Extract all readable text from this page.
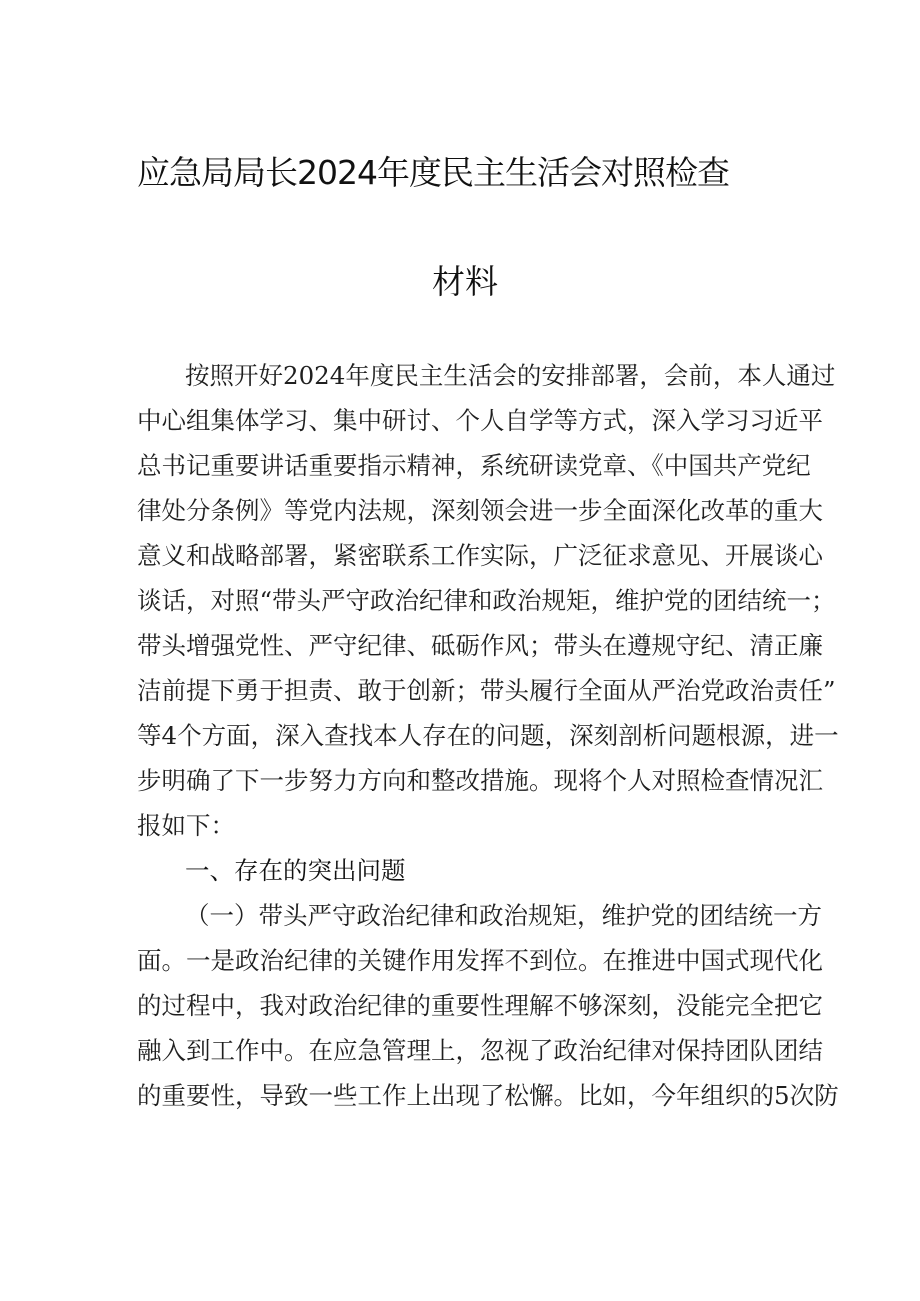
应急局局长2024年度民主生活会对照检查
材料
按照开好2024年度民主生活会的安排部署，会前，本人通过
中心组集体学习、集中研讨、个人自学等方式，深入学习习近平
总书记重要讲话重要指示精神，系统研读党章、《中国共产党纪
律处分条例》等党内法规，深刻领会进一步全面深化改革的重大
意义和战略部署，紧密联系工作实际，广泛征求意见、开展谈心
谈话，对照“带头严守政治纪律和政治规矩，维护党的团结统一；
带头增强党性、严守纪律、砥砺作风；带头在遵规守纪、清正廉
洁前提下勇于担责、敢于创新；带头履行全面从严治党政治责任”
等4个方面，深入查找本人存在的问题，深刻剖析问题根源，进一
步明确了下一步努力方向和整改措施。现将个人对照检查情况汇
报如下：
一、存在的突出问题
（一）带头严守政治纪律和政治规矩，维护党的团结统一方
面。一是政治纪律的关键作用发挥不到位。在推进中国式现代化
的过程中，我对政治纪律的重要性理解不够深刻，没能完全把它
融入到工作中。在应急管理上，忽视了政治纪律对保持团队团结
的重要性，导致一些工作上出现了松懈。比如，今年组织的5次防
